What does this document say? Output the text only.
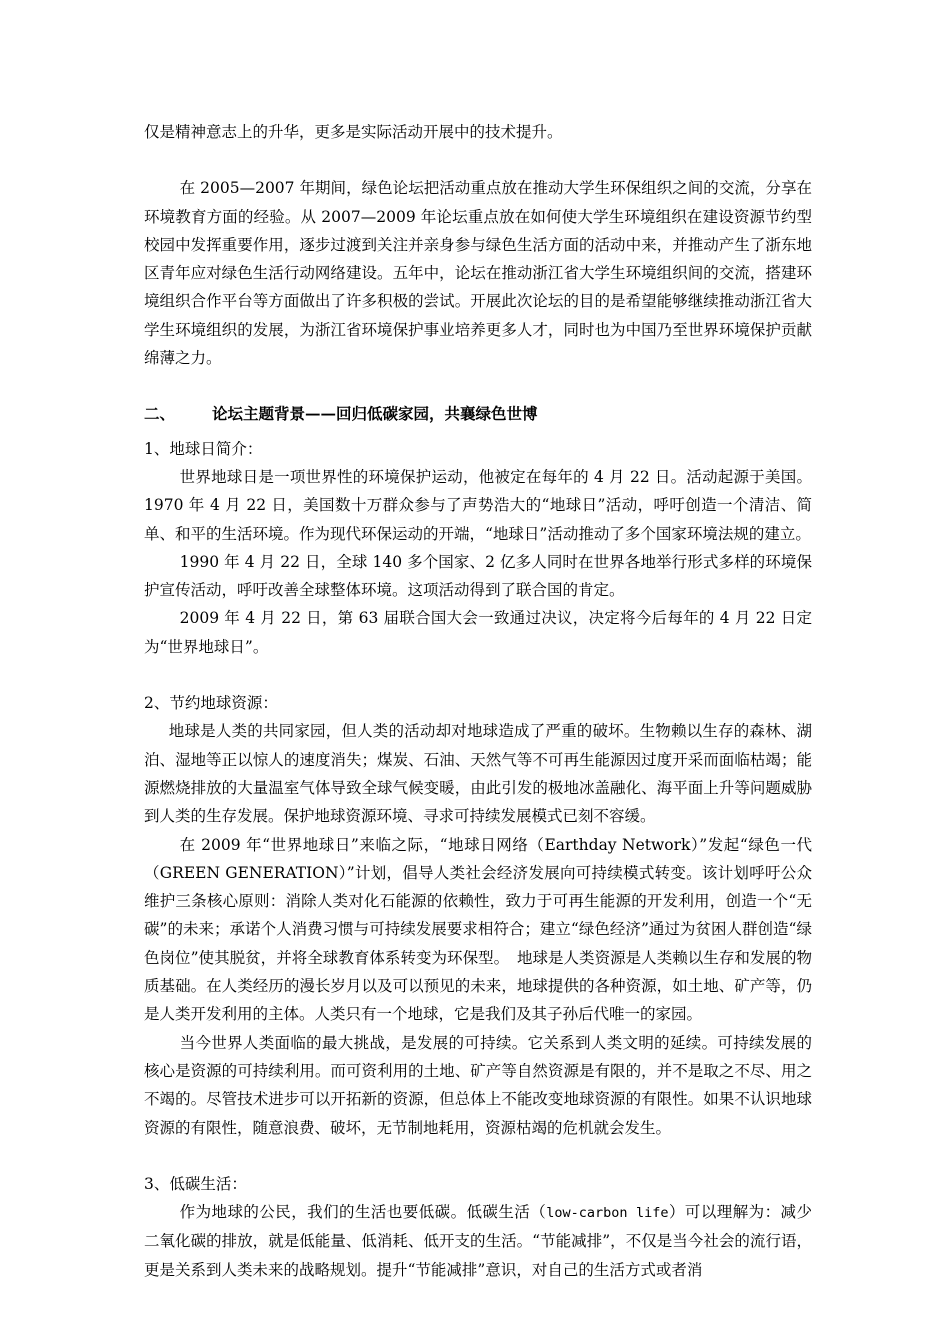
仅是精神意志上的升华，更多是实际活动开展中的技术提升。

在 2005—2007 年期间，绿色论坛把活动重点放在推动大学生环保组织之间的交流，分享在环境教育方面的经验。从 2007—2009 年论坛重点放在如何使大学生环境组织在建设资源节约型校园中发挥重要作用，逐步过渡到关注并亲身参与绿色生活方面的活动中来，并推动产生了浙东地区青年应对绿色生活行动网络建设。五年中，论坛在推动浙江省大学生环境组织间的交流，搭建环境组织合作平台等方面做出了许多积极的尝试。开展此次论坛的目的是希望能够继续推动浙江省大学生环境组织的发展，为浙江省环境保护事业培养更多人才，同时也为中国乃至世界环境保护贡献绵薄之力。

二、 论坛主题背景——回归低碳家园，共襄绿色世博

1、地球日简介：

世界地球日是一项世界性的环境保护运动，他被定在每年的 4 月 22 日。活动起源于美国。1970 年 4 月 22 日，美国数十万群众参与了声势浩大的“地球日”活动，呼吁创造一个清洁、简单、和平的生活环境。作为现代环保运动的开端，“地球日”活动推动了多个国家环境法规的建立。

1990 年 4 月 22 日，全球 140 多个国家、2 亿多人同时在世界各地举行形式多样的环境保护宣传活动，呼吁改善全球整体环境。这项活动得到了联合国的肯定。

2009 年 4 月 22 日，第 63 届联合国大会一致通过决议，决定将今后每年的 4 月 22 日定为“世界地球日”。

2、节约地球资源：

地球是人类的共同家园，但人类的活动却对地球造成了严重的破坏。生物赖以生存的森林、湖泊、湿地等正以惊人的速度消失；煤炭、石油、天然气等不可再生能源因过度开采而面临枯竭；能源燃烧排放的大量温室气体导致全球气候变暖，由此引发的极地冰盖融化、海平面上升等问题威胁到人类的生存发展。保护地球资源环境、寻求可持续发展模式已刻不容缓。

在 2009 年“世界地球日”来临之际，“地球日网络（Earthday Network）”发起“绿色一代（GREEN GENERATION）”计划，倡导人类社会经济发展向可持续模式转变。该计划呼吁公众维护三条核心原则：消除人类对化石能源的依赖性，致力于可再生能源的开发利用，创造一个“无碳”的未来；承诺个人消费习惯与可持续发展要求相符合；建立“绿色经济”通过为贫困人群创造“绿色岗位”使其脱贫，并将全球教育体系转变为环保型。　地球是人类资源是人类赖以生存和发展的物质基础。在人类经历的漫长岁月以及可以预见的未来，地球提供的各种资源，如土地、矿产等，仍是人类开发利用的主体。人类只有一个地球，它是我们及其子孙后代唯一的家园。

当今世界人类面临的最大挑战，是发展的可持续。它关系到人类文明的延续。可持续发展的核心是资源的可持续利用。而可资利用的土地、矿产等自然资源是有限的，并不是取之不尽、用之不竭的。尽管技术进步可以开拓新的资源，但总体上不能改变地球资源的有限性。如果不认识地球资源的有限性，随意浪费、破坏，无节制地耗用，资源枯竭的危机就会发生。

3、低碳生活：

作为地球的公民，我们的生活也要低碳。低碳生活（low-carbon life）可以理解为：减少二氧化碳的排放，就是低能量、低消耗、低开支的生活。“节能减排”，不仅是当今社会的流行语，更是关系到人类未来的战略规划。提升“节能减排”意识，对自己的生活方式或者消
